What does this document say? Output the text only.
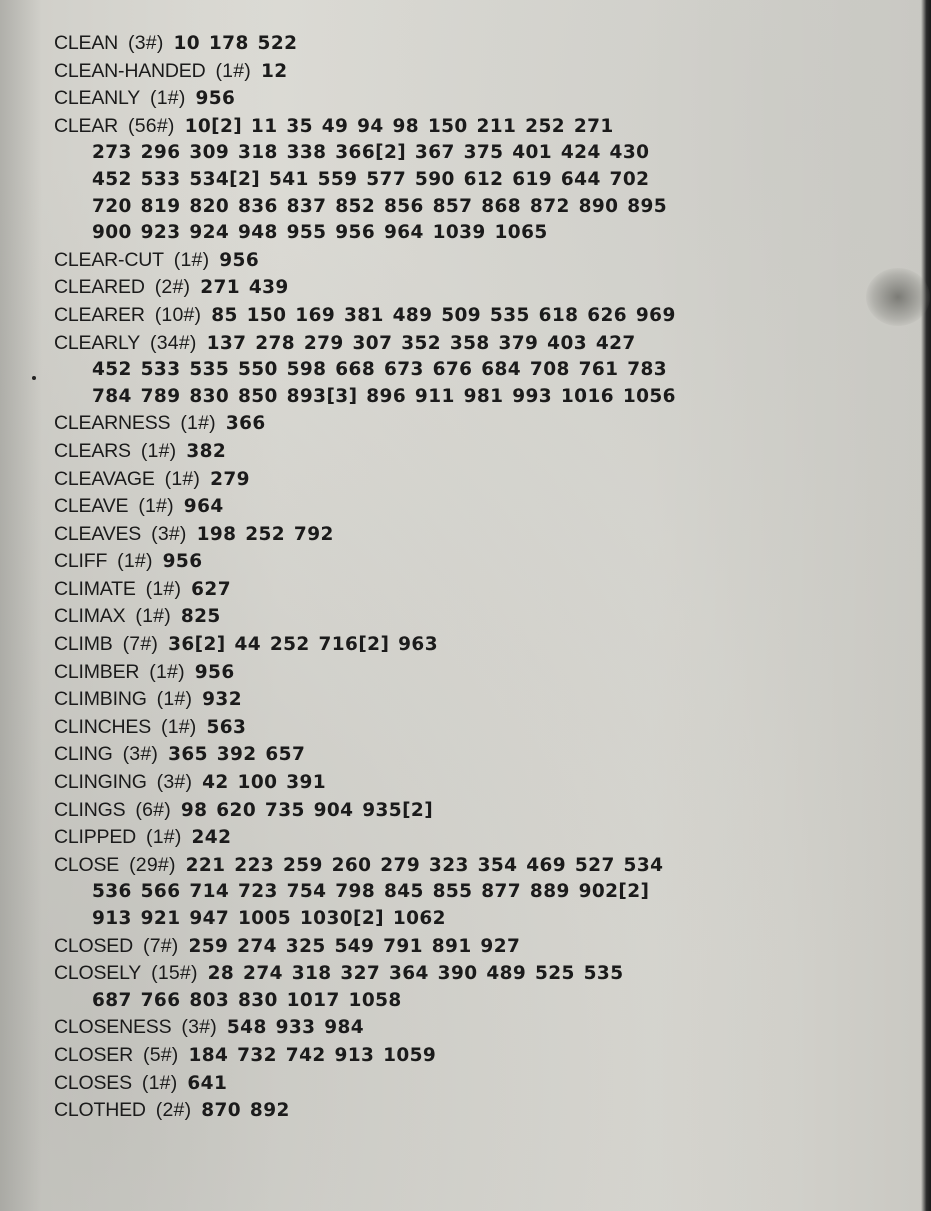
CLEAN (3#) 10 178 522
CLEAN-HANDED (1#) 12
CLEANLY (1#) 956
CLEAR (56#) 10[2] 11 35 49 94 98 150 211 252 271
273 296 309 318 338 366[2] 367 375 401 424 430
452 533 534[2] 541 559 577 590 612 619 644 702
720 819 820 836 837 852 856 857 868 872 890 895
900 923 924 948 955 956 964 1039 1065
CLEAR-CUT (1#) 956
CLEARED (2#) 271 439
CLEARER (10#) 85 150 169 381 489 509 535 618 626 969
CLEARLY (34#) 137 278 279 307 352 358 379 403 427
452 533 535 550 598 668 673 676 684 708 761 783
784 789 830 850 893[3] 896 911 981 993 1016 1056
CLEARNESS (1#) 366
CLEARS (1#) 382
CLEAVAGE (1#) 279
CLEAVE (1#) 964
CLEAVES (3#) 198 252 792
CLIFF (1#) 956
CLIMATE (1#) 627
CLIMAX (1#) 825
CLIMB (7#) 36[2] 44 252 716[2] 963
CLIMBER (1#) 956
CLIMBING (1#) 932
CLINCHES (1#) 563
CLING (3#) 365 392 657
CLINGING (3#) 42 100 391
CLINGS (6#) 98 620 735 904 935[2]
CLIPPED (1#) 242
CLOSE (29#) 221 223 259 260 279 323 354 469 527 534
536 566 714 723 754 798 845 855 877 889 902[2]
913 921 947 1005 1030[2] 1062
CLOSED (7#) 259 274 325 549 791 891 927
CLOSELY (15#) 28 274 318 327 364 390 489 525 535
687 766 803 830 1017 1058
CLOSENESS (3#) 548 933 984
CLOSER (5#) 184 732 742 913 1059
CLOSES (1#) 641
CLOTHED (2#) 870 892
